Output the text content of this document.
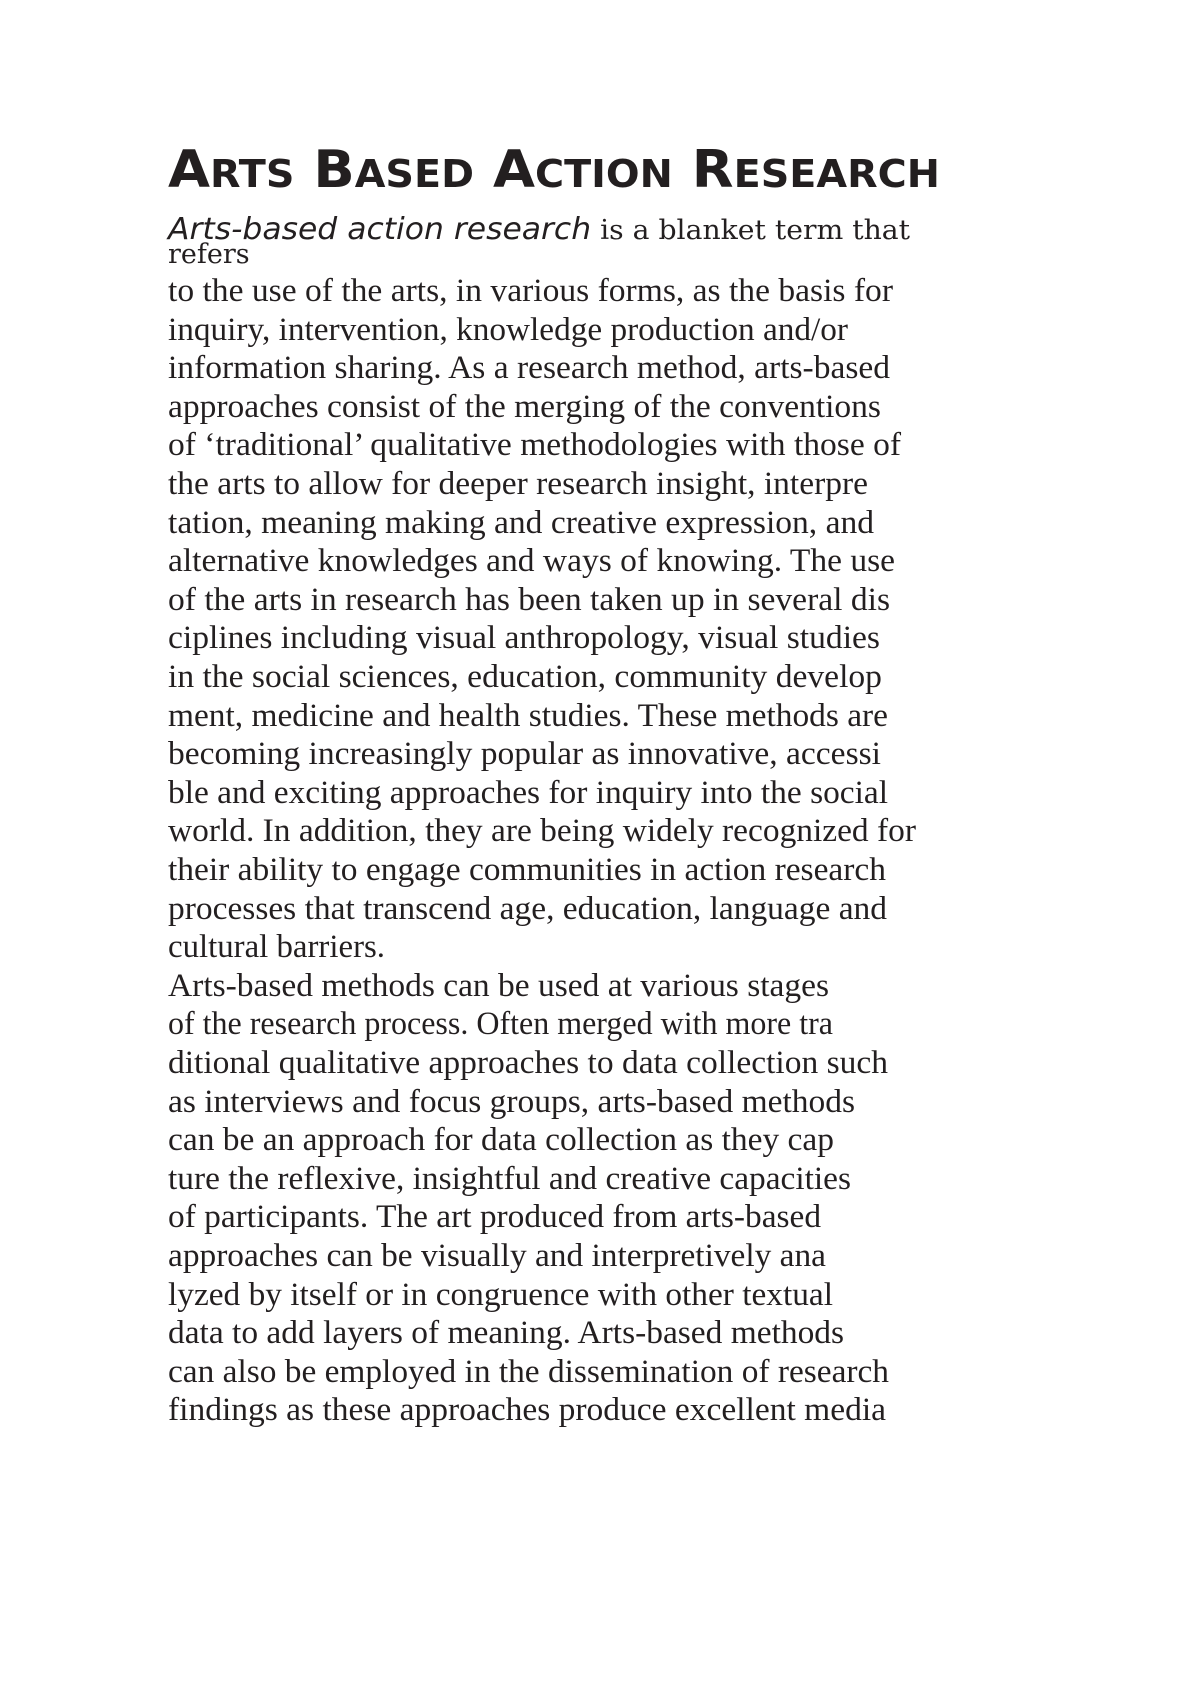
ARTS BASED ACTION RESEARCH
Arts-based action research is a blanket term that
refers
to the use of the arts, in various forms, as the basis for
inquiry, intervention, knowledge production and/or
information sharing. As a research method, arts-based
approaches consist of the merging of the conventions
of ‘traditional’ qualitative methodologies with those of
the arts to allow for deeper research insight, interpre
tation, meaning making and creative expression, and
alternative knowledges and ways of knowing. The use
of the arts in research has been taken up in several dis
ciplines including visual anthropology, visual studies
in the social sciences, education, community develop
ment, medicine and health studies. These methods are
becoming increasingly popular as innovative, accessi
ble and exciting approaches for inquiry into the social
world. In addition, they are being widely recognized for
their ability to engage communities in action research
processes that transcend age, education, language and
cultural barriers.
Arts-based methods can be used at various stages
of the research process. Often merged with more tra
ditional qualitative approaches to data collection such
as interviews and focus groups, arts-based methods
can be an approach for data collection as they cap
ture the reflexive, insightful and creative capacities
of participants. The art produced from arts-based
approaches can be visually and interpretively ana
lyzed by itself or in congruence with other textual
data to add layers of meaning. Arts-based methods
can also be employed in the dissemination of research
findings as these approaches produce excellent media
